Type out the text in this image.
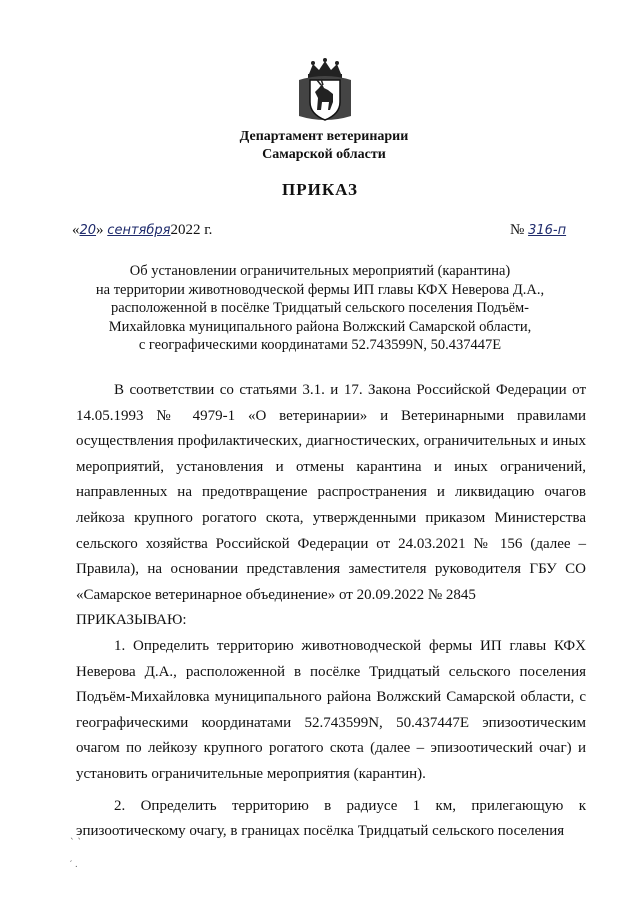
Департамент ветеринарии
Самарской области
ПРИКАЗ
«20» сентября2022 г.	№ 316-п
Об установлении ограничительных мероприятий (карантина)
на территории животноводческой фермы ИП главы КФХ Неверова Д.А.,
расположенной в посёлке Тридцатый сельского поселения Подъём-
Михайловка муниципального района Волжский Самарской области,
с географическими координатами 52.743599N, 50.437447E

В соответствии со статьями 3.1. и 17. Закона Российской Федерации от 14.05.1993 № 4979-1 «О ветеринарии» и Ветеринарными правилами осуществления профилактических, диагностических, ограничительных и иных мероприятий, установления и отмены карантина и иных ограничений, направленных на предотвращение распространения и ликвидацию очагов лейкоза крупного рогатого скота, утвержденными приказом Министерства сельского хозяйства Российской Федерации от 24.03.2021 № 156 (далее – Правила), на основании представления заместителя руководителя ГБУ СО «Самарское ветеринарное объединение» от 20.09.2022 № 2845

ПРИКАЗЫВАЮ:

1. Определить территорию животноводческой фермы ИП главы КФХ Неверова Д.А., расположенной в посёлке Тридцатый сельского поселения Подъём-Михайловка муниципального района Волжский Самарской области, с географическими координатами 52.743599N, 50.437447E эпизоотическим очагом по лейкозу крупного рогатого скота (далее – эпизоотический очаг) и установить ограничительные мероприятия (карантин).

2. Определить территорию в радиусе 1 км, прилегающую к эпизоотическому очагу, в границах посёлка Тридцатый сельского поселения

` `
′ .
